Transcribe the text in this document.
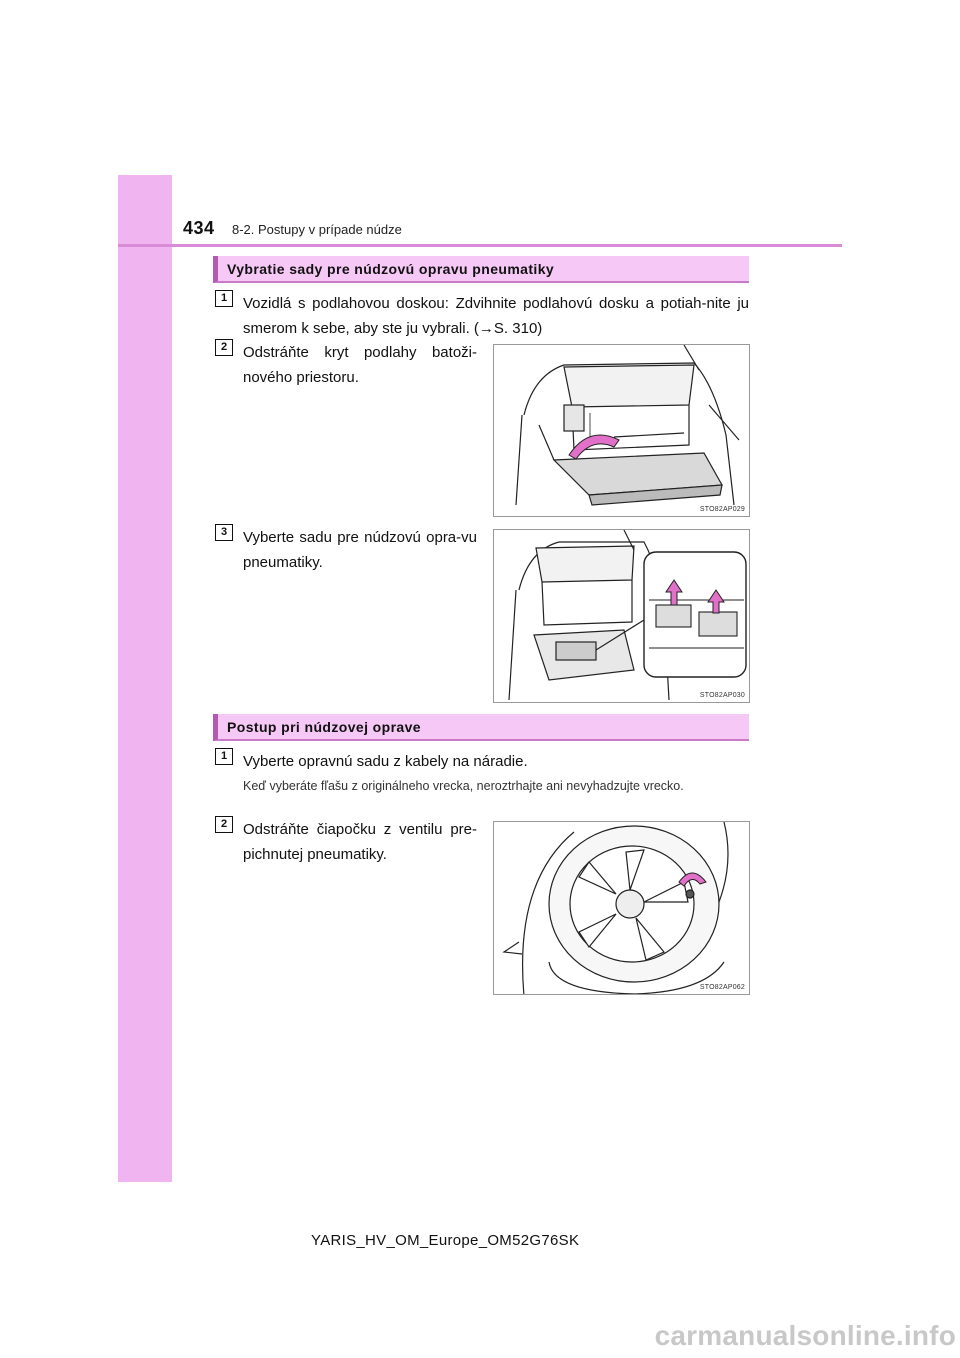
434 8-2. Postupy v prípade núdze
Vybratie sady pre núdzovú opravu pneumatiky
1	Vozidlá s podlahovou doskou: Zdvihnite podlahovú dosku a potiah-nite ju smerom k sebe, aby ste ju vybrali. (→S. 310)
2	Odstráňte kryt podlahy batoži-nového priestoru.
STO82AP029
3	Vyberte sadu pre núdzovú opra-vu pneumatiky.
STO82AP030
Postup pri núdzovej oprave
1	Vyberte opravnú sadu z kabely na náradie.
Keď vyberáte fľašu z originálneho vrecka, neroztrhajte ani nevyhadzujte vrecko.
2	Odstráňte čiapočku z ventilu pre-pichnutej pneumatiky.
STO82AP062
YARIS_HV_OM_Europe_OM52G76SK
carmanualsonline.info
